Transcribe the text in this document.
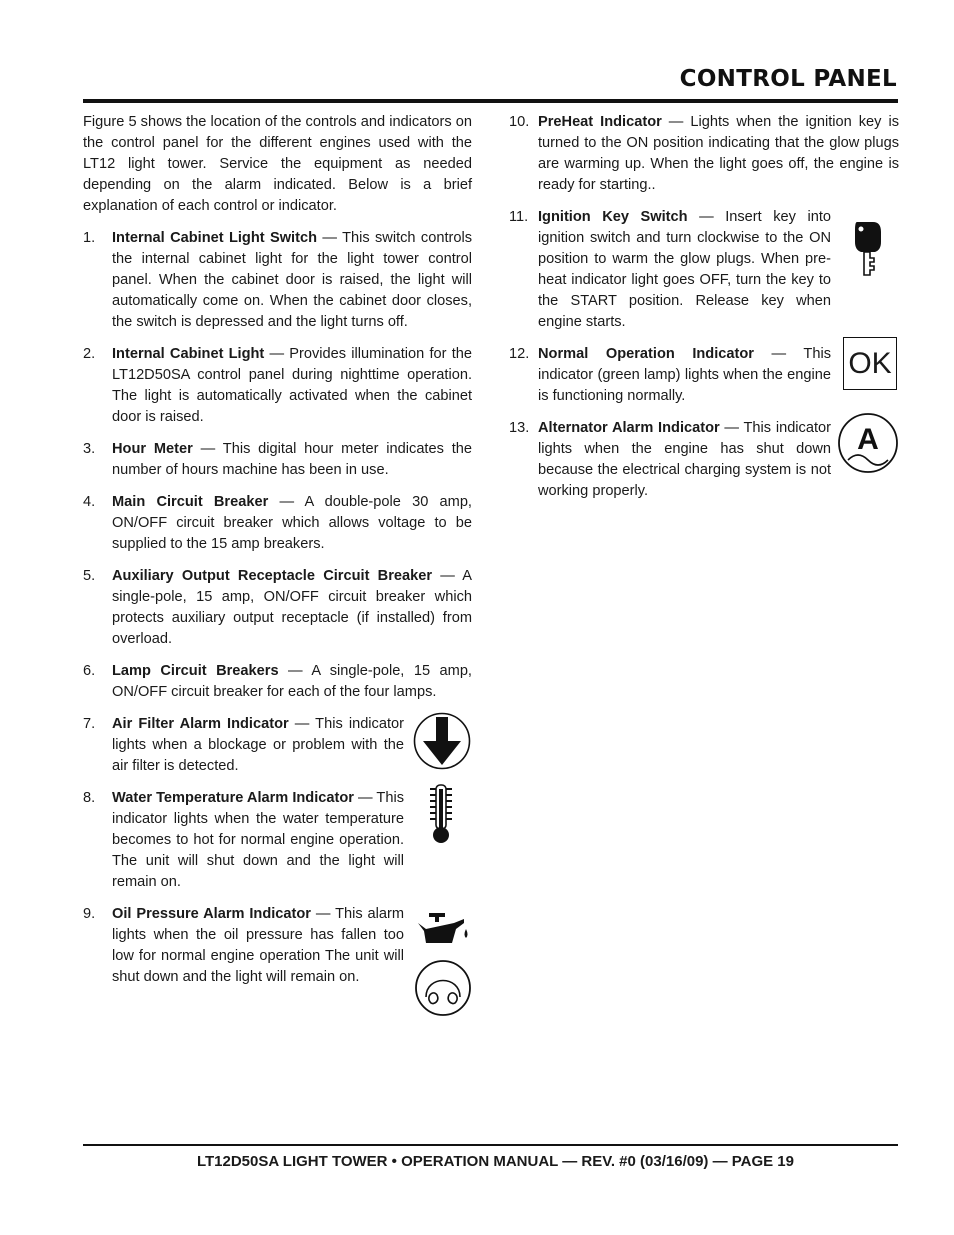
CONTROL PANEL

Figure 5 shows the location of the controls and indicators on the control panel for the different engines used with the LT12 light tower. Service the equipment as needed depending on the alarm indicated. Below is a brief explanation of each control or indicator.

1. Internal Cabinet Light Switch — This switch controls the internal cabinet light for the light tower control panel. When the cabinet door is raised, the light will automatically come on. When the cabinet door closes, the switch is depressed and the light turns off.
2. Internal Cabinet Light — Provides illumination for the LT12D50SA control panel during nighttime operation. The light is automatically activated when the cabinet door is raised.
3. Hour Meter — This digital hour meter indicates the number of hours machine has been in use.
4. Main Circuit Breaker — A double-pole 30 amp, ON/OFF circuit breaker which allows voltage to be supplied to the 15 amp breakers.
5. Auxiliary Output Receptacle Circuit Breaker — A single-pole, 15 amp, ON/OFF circuit breaker which protects auxiliary output receptacle (if installed) from overload.
6. Lamp Circuit Breakers — A single-pole, 15 amp, ON/OFF circuit breaker for each of the four lamps.
7. Air Filter Alarm Indicator — This indicator lights when a blockage or problem with the air filter is detected.
8. Water Temperature Alarm Indicator — This indicator lights when the water temperature becomes to hot for normal engine operation. The unit will shut down and the light will remain on.
9. Oil Pressure Alarm Indicator — This alarm lights when the oil pressure has fallen too low for normal engine operation The unit will shut down and the light will remain on.
10. PreHeat Indicator — Lights when the ignition key is turned to the ON position indicating that the glow plugs are warming up. When the light goes off, the engine is ready for starting..
11. Ignition Key Switch — Insert key into ignition switch and turn clockwise to the ON position to warm the glow plugs. When pre-heat indicator light goes OFF, turn the key to the START position. Release key when engine starts.
12. Normal Operation Indicator — This indicator (green lamp) lights when the engine is functioning normally.
OK
13. Alternator Alarm Indicator — This indicator lights when the engine has shut down because the electrical charging system is not working properly.
A
LT12D50SA LIGHT TOWER • OPERATION MANUAL — REV. #0 (03/16/09) — PAGE 19
